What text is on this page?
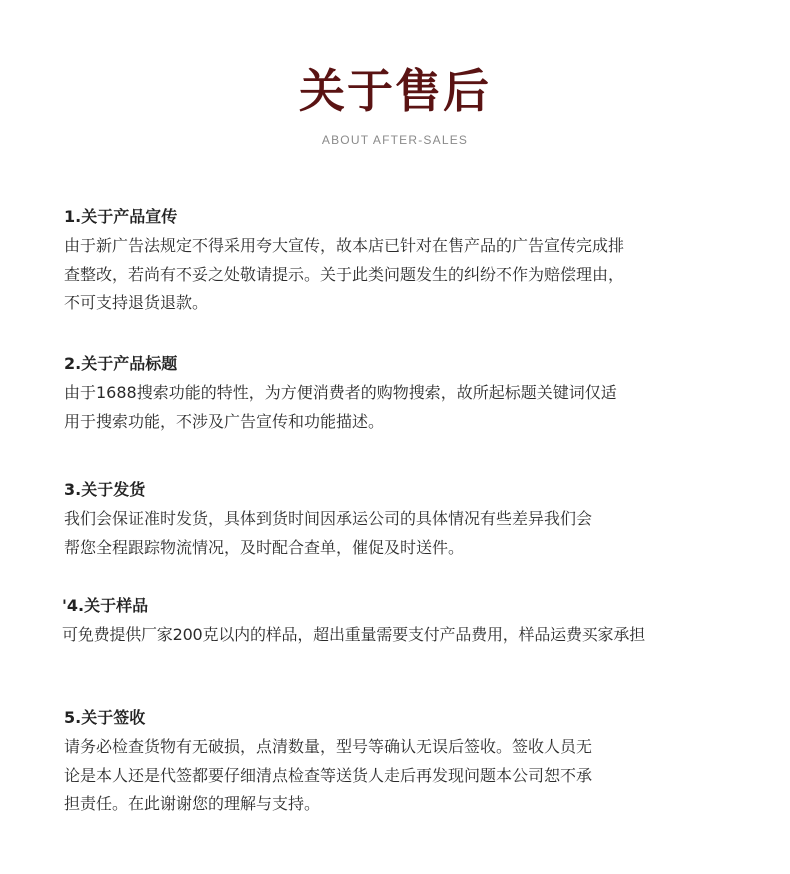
关于售后
ABOUT AFTER-SALES

1.关于产品宣传

由于新广告法规定不得采用夸大宣传，故本店已针对在售产品的广告宣传完成排
查整改，若尚有不妥之处敬请提示。关于此类问题发生的纠纷不作为赔偿理由，
不可支持退货退款。

2.关于产品标题

由于1688搜索功能的特性，为方便消费者的购物搜索，故所起标题关键词仅适
用于搜索功能，不涉及广告宣传和功能描述。

3.关于发货

我们会保证准时发货，具体到货时间因承运公司的具体情况有些差异我们会
帮您全程跟踪物流情况，及时配合查单，催促及时送件。

'4.关于样品

可免费提供厂家200克以内的样品，超出重量需要支付产品费用，样品运费买家承担

5.关于签收

请务必检查货物有无破损，点清数量，型号等确认无误后签收。签收人员无
论是本人还是代签都要仔细清点检查等送货人走后再发现问题本公司恕不承
担责任。在此谢谢您的理解与支持。
